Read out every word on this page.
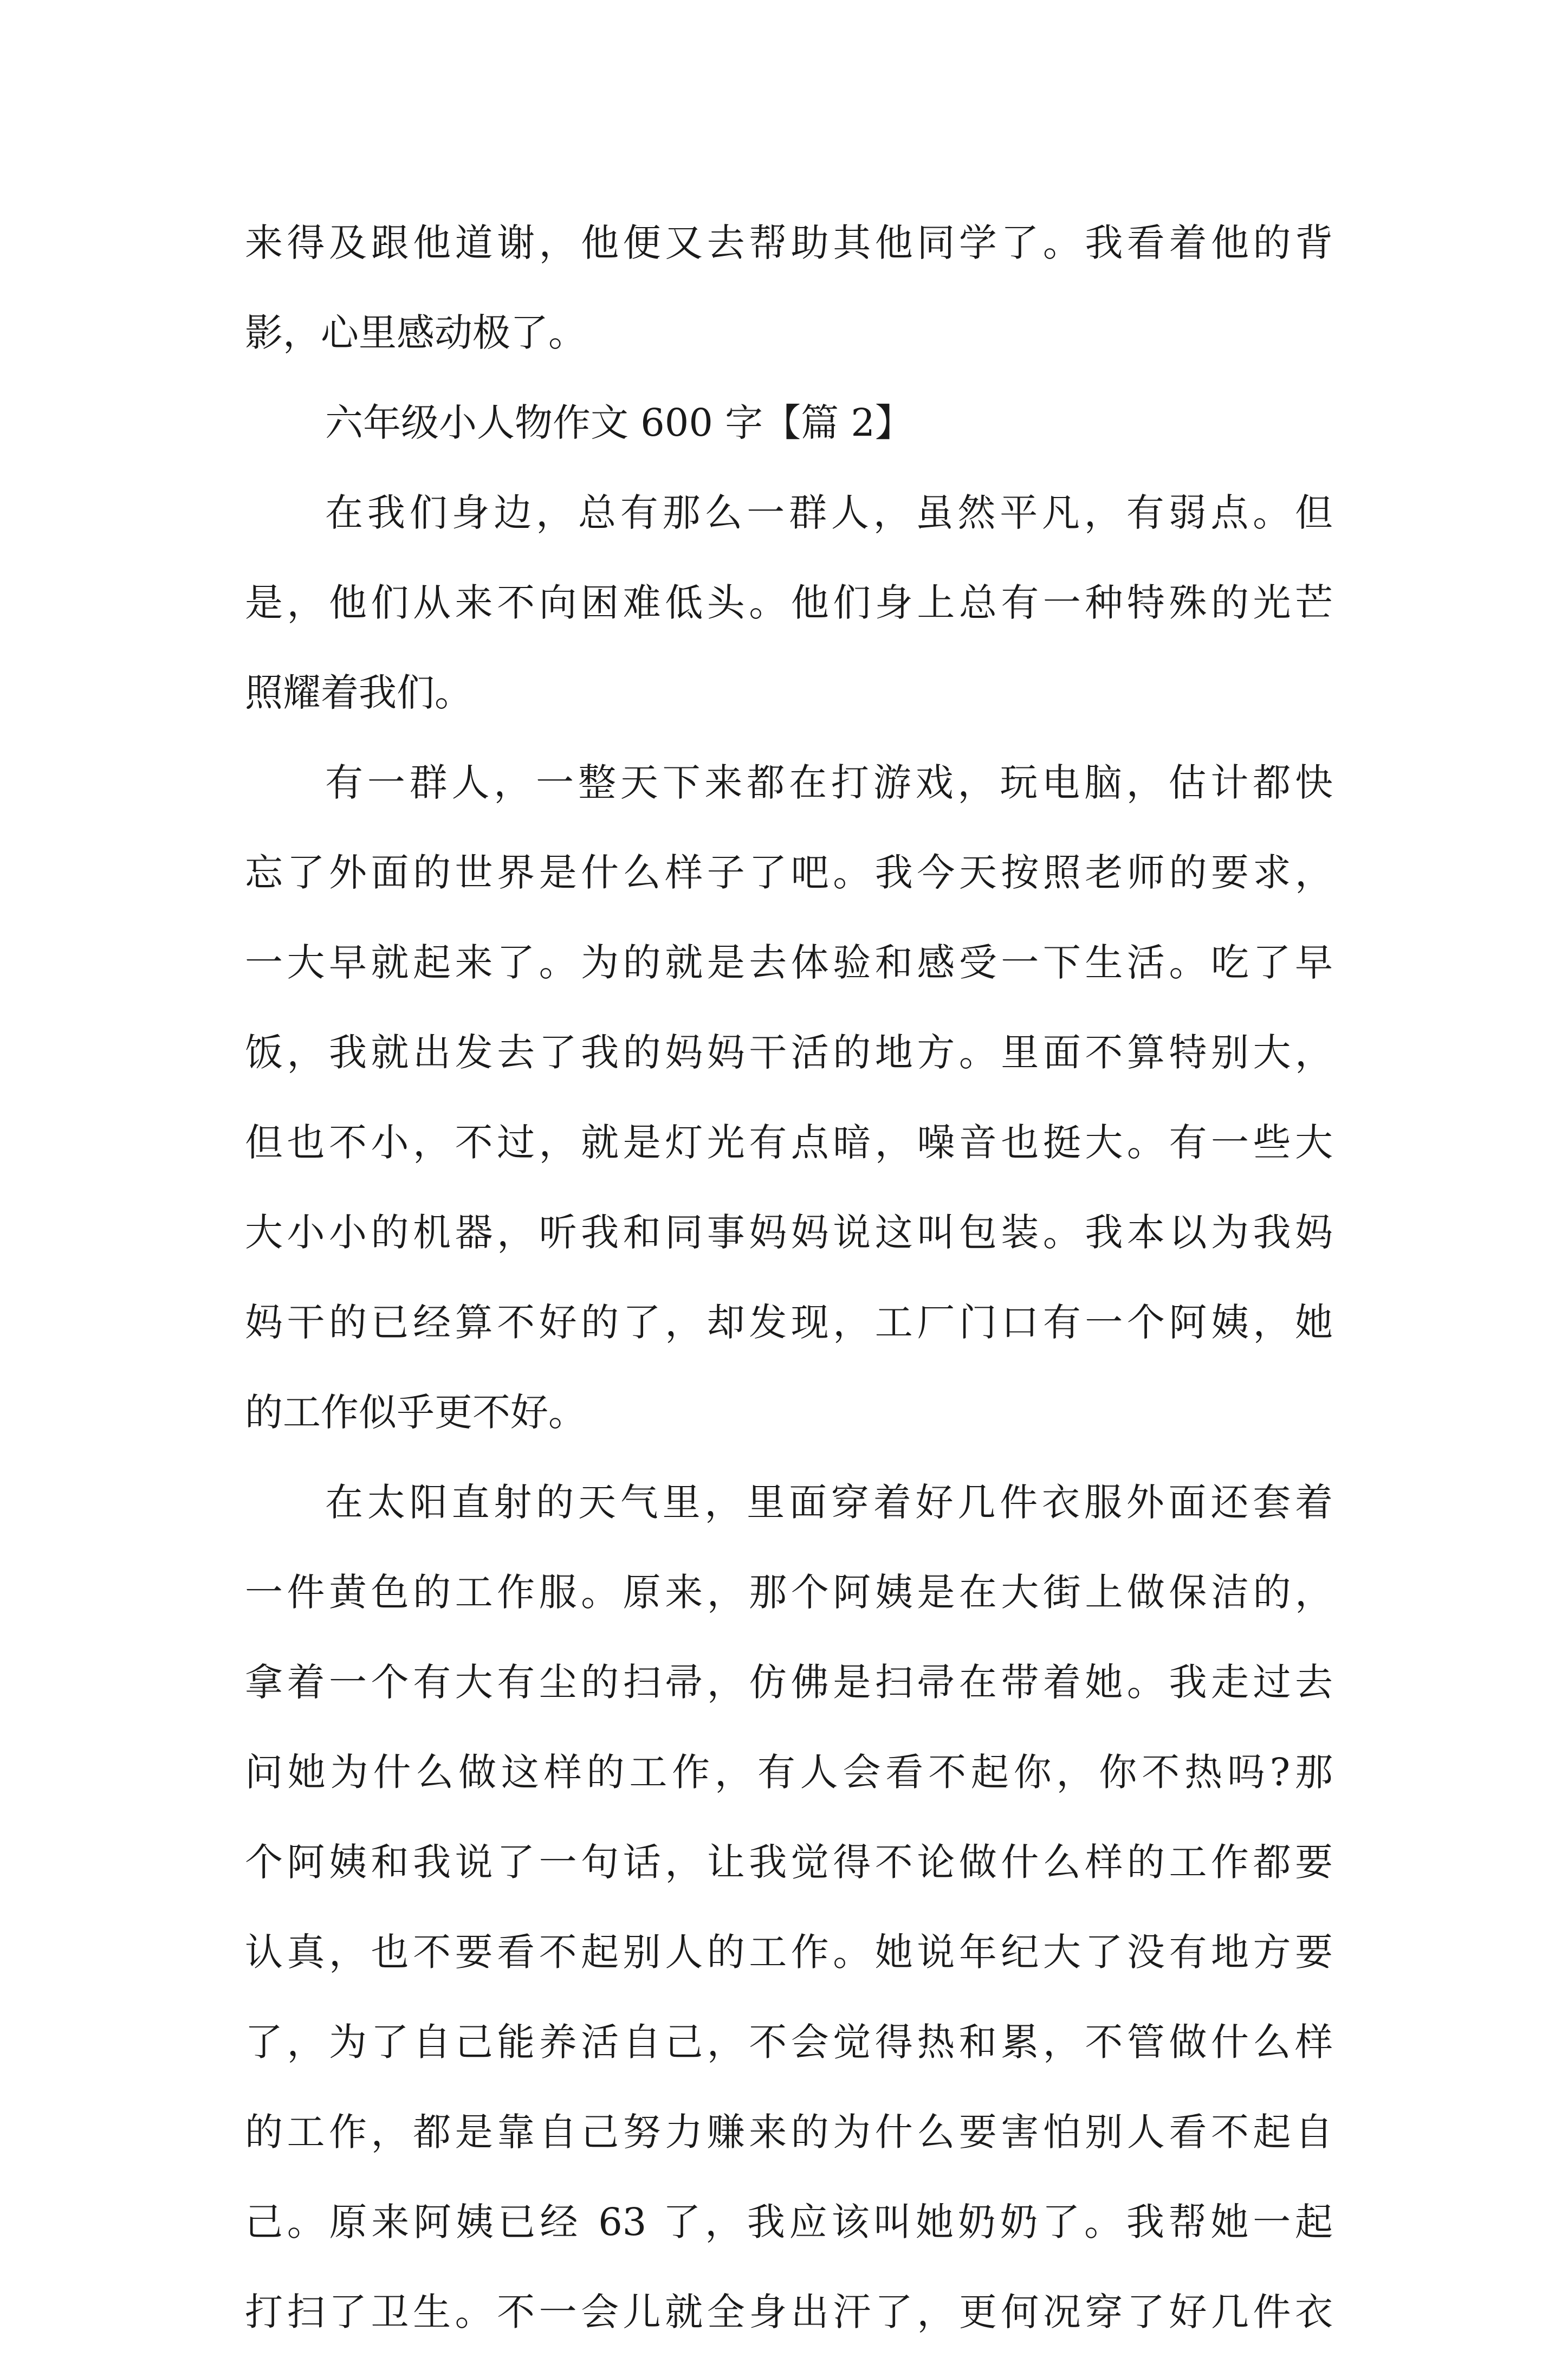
来得及跟他道谢，他便又去帮助其他同学了。我看着他的背
影，心里感动极了。
六年级小人物作文 600 字【篇 2】
在我们身边，总有那么一群人，虽然平凡，有弱点。但
是，他们从来不向困难低头。他们身上总有一种特殊的光芒
照耀着我们。
有一群人，一整天下来都在打游戏，玩电脑，估计都快
忘了外面的世界是什么样子了吧。我今天按照老师的要求，
一大早就起来了。为的就是去体验和感受一下生活。吃了早
饭，我就出发去了我的妈妈干活的地方。里面不算特别大，
但也不小，不过，就是灯光有点暗，噪音也挺大。有一些大
大小小的机器，听我和同事妈妈说这叫包装。我本以为我妈
妈干的已经算不好的了，却发现，工厂门口有一个阿姨，她
的工作似乎更不好。
在太阳直射的天气里，里面穿着好几件衣服外面还套着
一件黄色的工作服。原来，那个阿姨是在大街上做保洁的，
拿着一个有大有尘的扫帚，仿佛是扫帚在带着她。我走过去
问她为什么做这样的工作，有人会看不起你，你不热吗?那
个阿姨和我说了一句话，让我觉得不论做什么样的工作都要
认真，也不要看不起别人的工作。她说年纪大了没有地方要
了，为了自己能养活自己，不会觉得热和累，不管做什么样
的工作，都是靠自己努力赚来的为什么要害怕别人看不起自
己。原来阿姨已经 63 了，我应该叫她奶奶了。我帮她一起
打扫了卫生。不一会儿就全身出汗了，更何况穿了好几件衣
